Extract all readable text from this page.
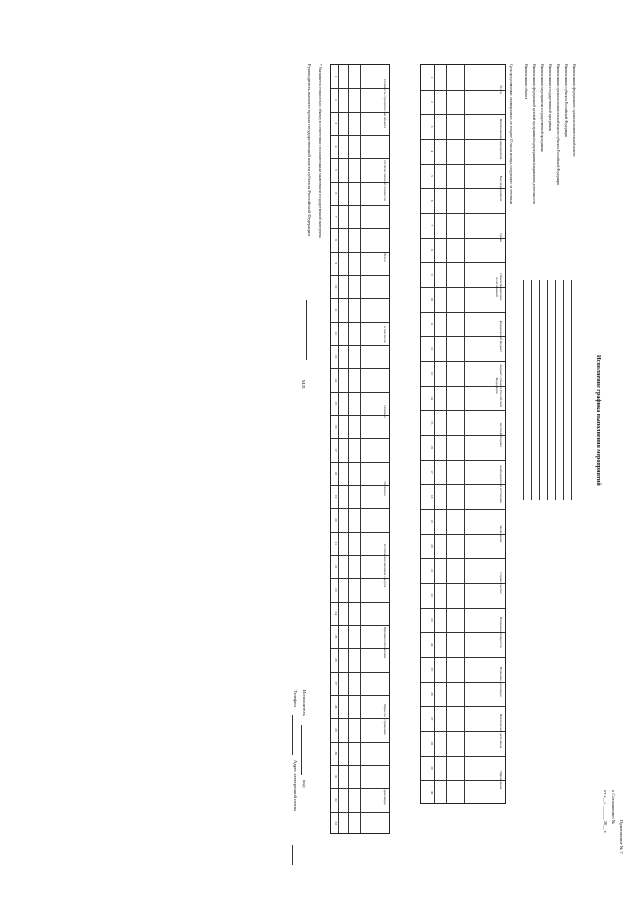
Приложение № 7
к Соглашению №
от «__» ______ 20__ г.
Исполнение графика выполнения мероприятий
Наименование федерального органа исполнительной власти
Наименование субъекта Российской Федерации
Наименование органа исполнительной власти субъекта Российской Федерации
Наименование государственной программы
Наименование мероприятия государственной программы
Наименование федеральной целевой программы/подпрограммы/направления деятельности
Наименование объекта
Срок представления: ежеквартально, не позднее 15 числа месяца, следующего за отчетным
№ п/п
Наименование мероприятия
Вид мероприятия
Сроки
Объем бюджетных ассигнований
федеральный бюджет
бюджет субъекта Российской Федерации
местный бюджет
внебюджетные источники
Заключение
Строительство
Вводимые мощности
Плановая дата ввода
Фактическая дата ввода
Примечание
1
2
3
4
5
6
7
8
9
10
11
12
13
14
15
16
17
18
19
20
21
22
23
24
25
26
27
28
29
30
Стоимость строительства объекта
Остаток сметной стоимости
Всего
в том числе
Освоено
Оплачено
Остаток неосвоенных средств
Причины отклонения
Меры по устранению
Срок ввода
1
2
3
4
5
6
7
8
9
10
11
12
13
14
15
16
17
18
19
20
21
22
23
24
25
26
27
28
29
30
31
32
33
* Указывается стоимость по объекту в соответствии с положительным заключением государственной экспертизы
Руководитель высшего органа государственной власти субъекта Российской Федерации
М.П.
Исполнитель
(код)
Телефон
Адрес электронной почты
